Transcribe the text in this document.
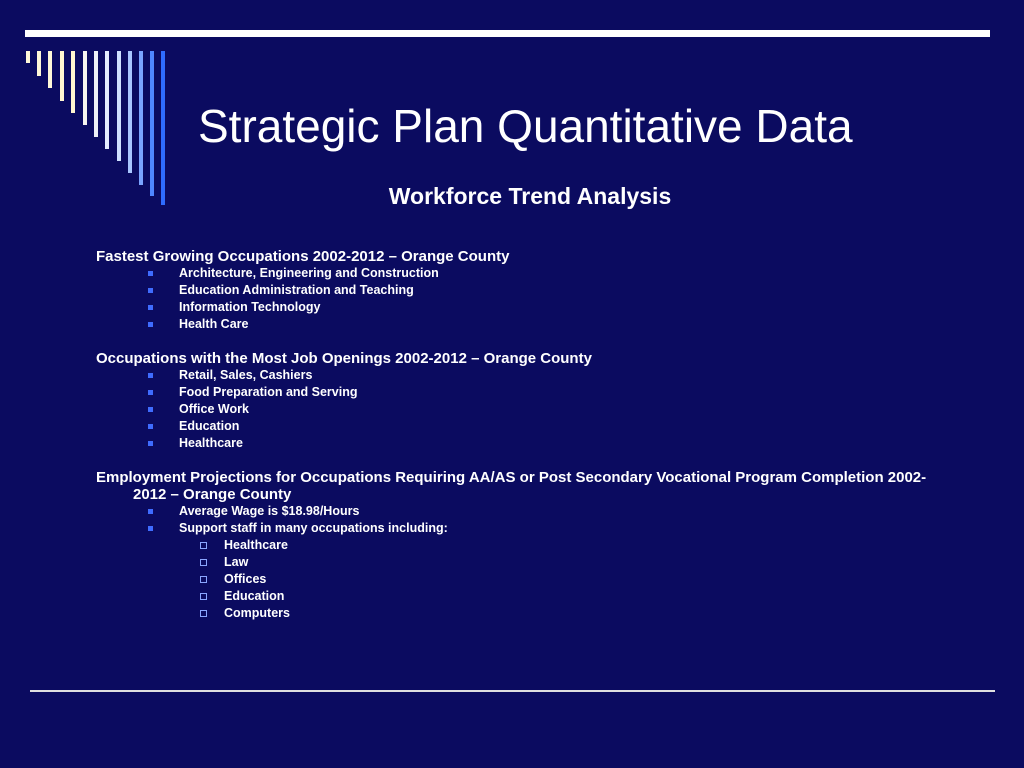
Strategic Plan Quantitative Data
Workforce Trend Analysis
Fastest Growing Occupations 2002-2012 – Orange County
Architecture, Engineering and Construction
Education Administration and Teaching
Information Technology
Health Care
Occupations with the Most Job Openings 2002-2012 – Orange County
Retail, Sales, Cashiers
Food Preparation and Serving
Office Work
Education
Healthcare
Employment Projections for Occupations Requiring AA/AS or Post Secondary Vocational Program Completion 2002-2012 – Orange County
Average Wage is $18.98/Hours
Support staff in many occupations including:
Healthcare
Law
Offices
Education
Computers
